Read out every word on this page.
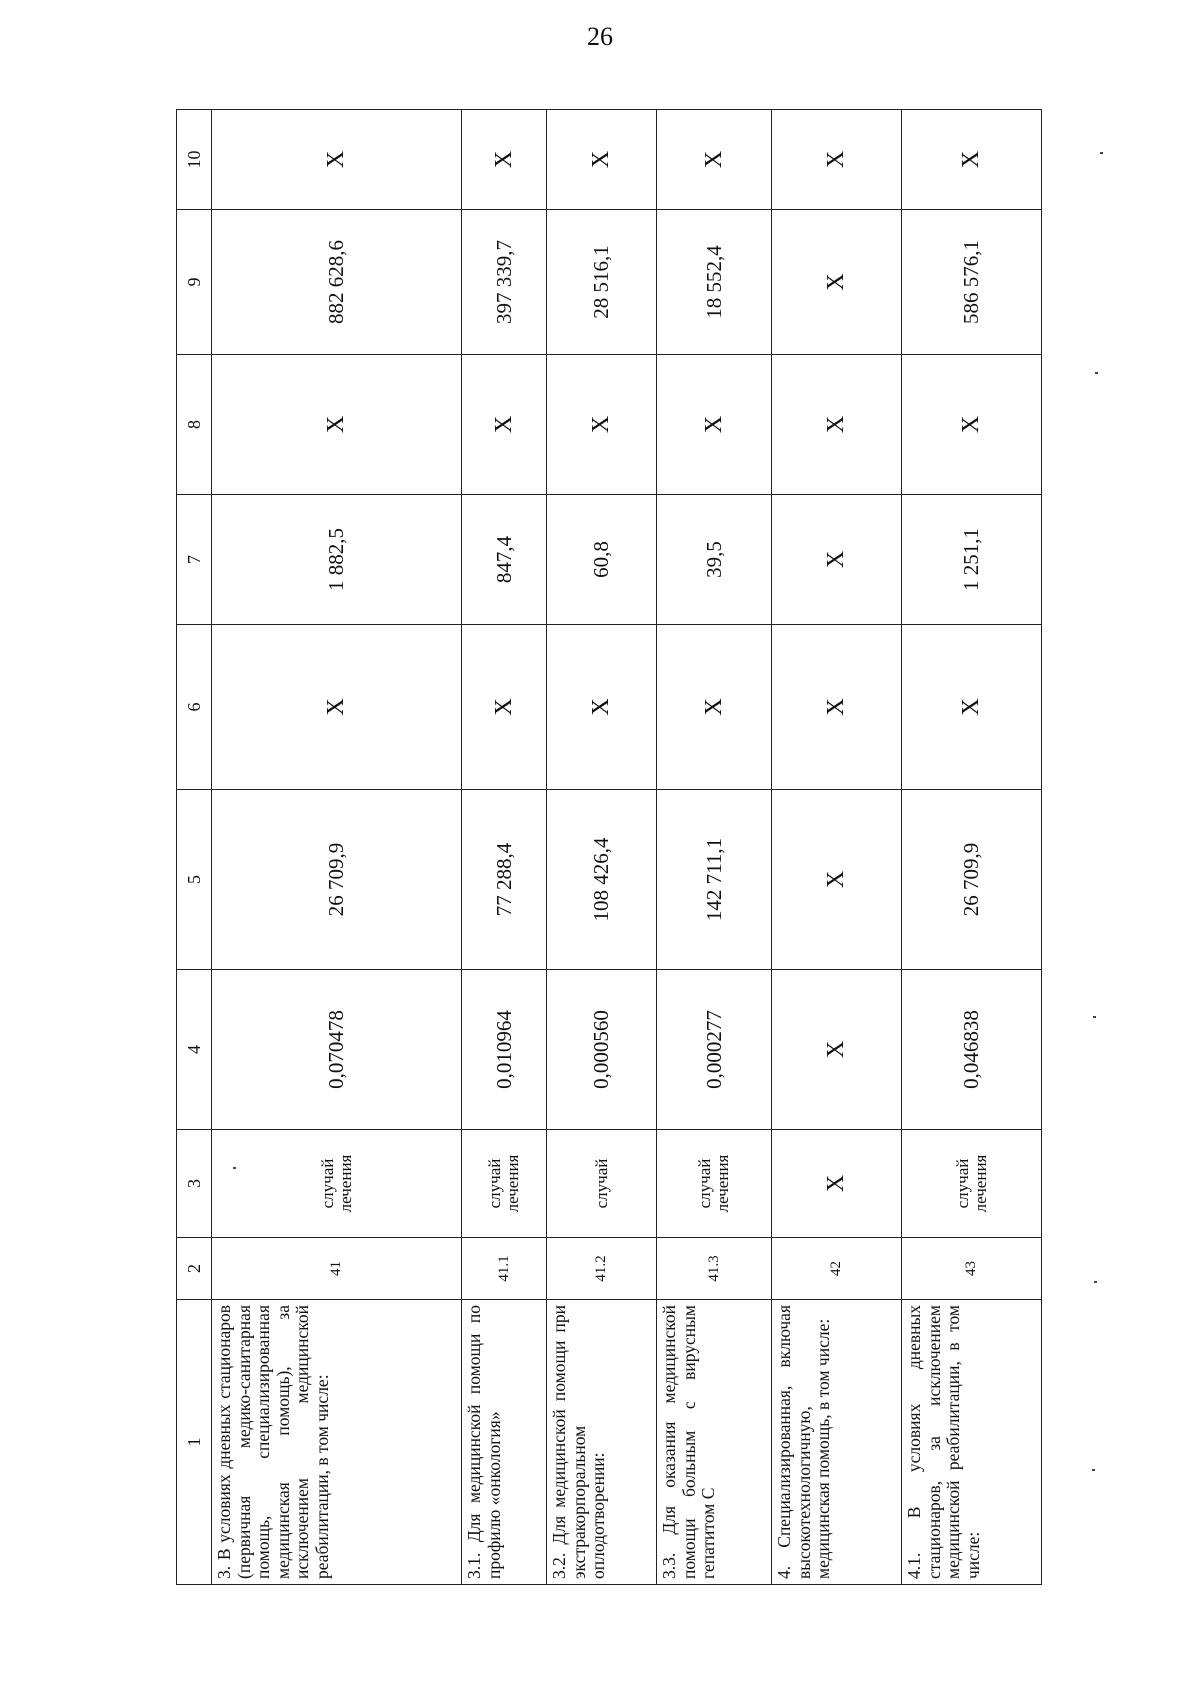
26
1	2	3	4	5	6	7	8	9	10
3. В условиях дневных стационаров (первичная медико-санитарная помощь, специализированная медицинская помощь), за исключением медицинской реабилитации, в том числе:	41	случай лечения	0,070478	26 709,9	X	1 882,5	X	882 628,6	X
3.1. Для медицинской помощи по профилю «онкология»	41.1	случай лечения	0,010964	77 288,4	X	847,4	X	397 339,7	X
3.2. Для медицинской помощи при экстракорпоральном оплодотворении:	41.2	случай	0,000560	108 426,4	X	60,8	X	28 516,1	X
3.3. Для оказания медицинской помощи больным с вирусным гепатитом С	41.3	случай лечения	0,000277	142 711,1	X	39,5	X	18 552,4	X
4. Специализированная, включая высокотехнологичную, медицинская помощь, в том числе:	42	X	X	X	X	X	X	X	X
4.1. В условиях дневных стационаров, за исключением медицинской реабилитации, в том числе:	43	случай лечения	0,046838	26 709,9	X	1 251,1	X	586 576,1	X
